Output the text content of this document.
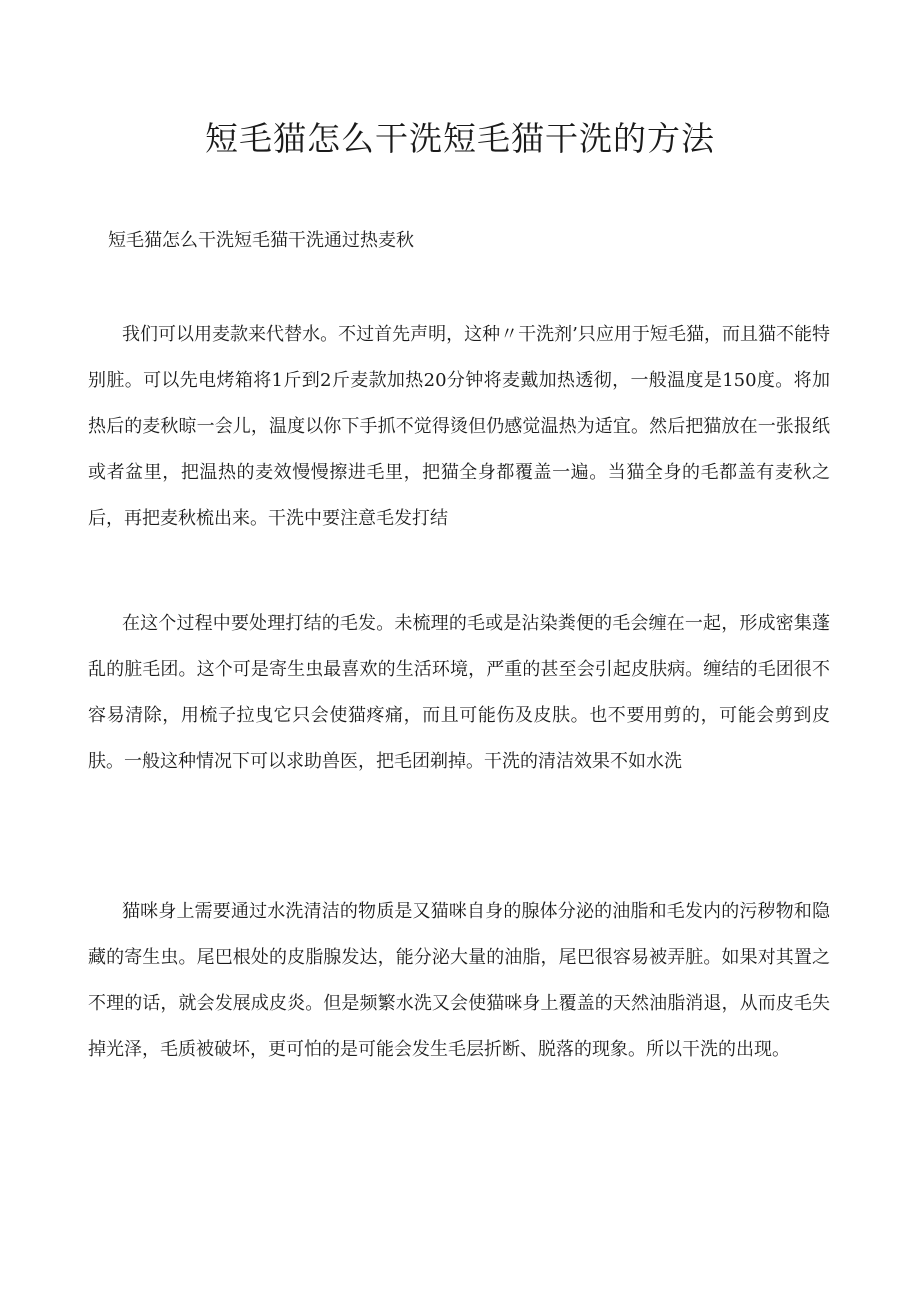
短毛猫怎么干洗短毛猫干洗的方法

短毛猫怎么干洗短毛猫干洗通过热麦秋

我们可以用麦款来代替水。不过首先声明，这种〃干洗剂’只应用于短毛猫，而且猫不能特别脏。可以先电烤箱将1斤到2斤麦款加热20分钟将麦戴加热透彻，一般温度是150度。将加热后的麦秋晾一会儿，温度以你下手抓不觉得烫但仍感觉温热为适宜。然后把猫放在一张报纸或者盆里，把温热的麦效慢慢擦进毛里，把猫全身都覆盖一遍。当猫全身的毛都盖有麦秋之后，再把麦秋梳出来。干洗中要注意毛发打结

在这个过程中要处理打结的毛发。未梳理的毛或是沾染粪便的毛会缠在一起，形成密集蓬乱的脏毛团。这个可是寄生虫最喜欢的生活环境，严重的甚至会引起皮肤病。缠结的毛团很不容易清除，用梳子拉曳它只会使猫疼痛，而且可能伤及皮肤。也不要用剪的，可能会剪到皮肤。一般这种情况下可以求助兽医，把毛团剃掉。干洗的清洁效果不如水洗

猫咪身上需要通过水洗清洁的物质是又猫咪自身的腺体分泌的油脂和毛发内的污秽物和隐藏的寄生虫。尾巴根处的皮脂腺发达，能分泌大量的油脂，尾巴很容易被弄脏。如果对其置之不理的话，就会发展成皮炎。但是频繁水洗又会使猫咪身上覆盖的天然油脂消退，从而皮毛失掉光泽，毛质被破坏，更可怕的是可能会发生毛层折断、脱落的现象。所以干洗的出现。
